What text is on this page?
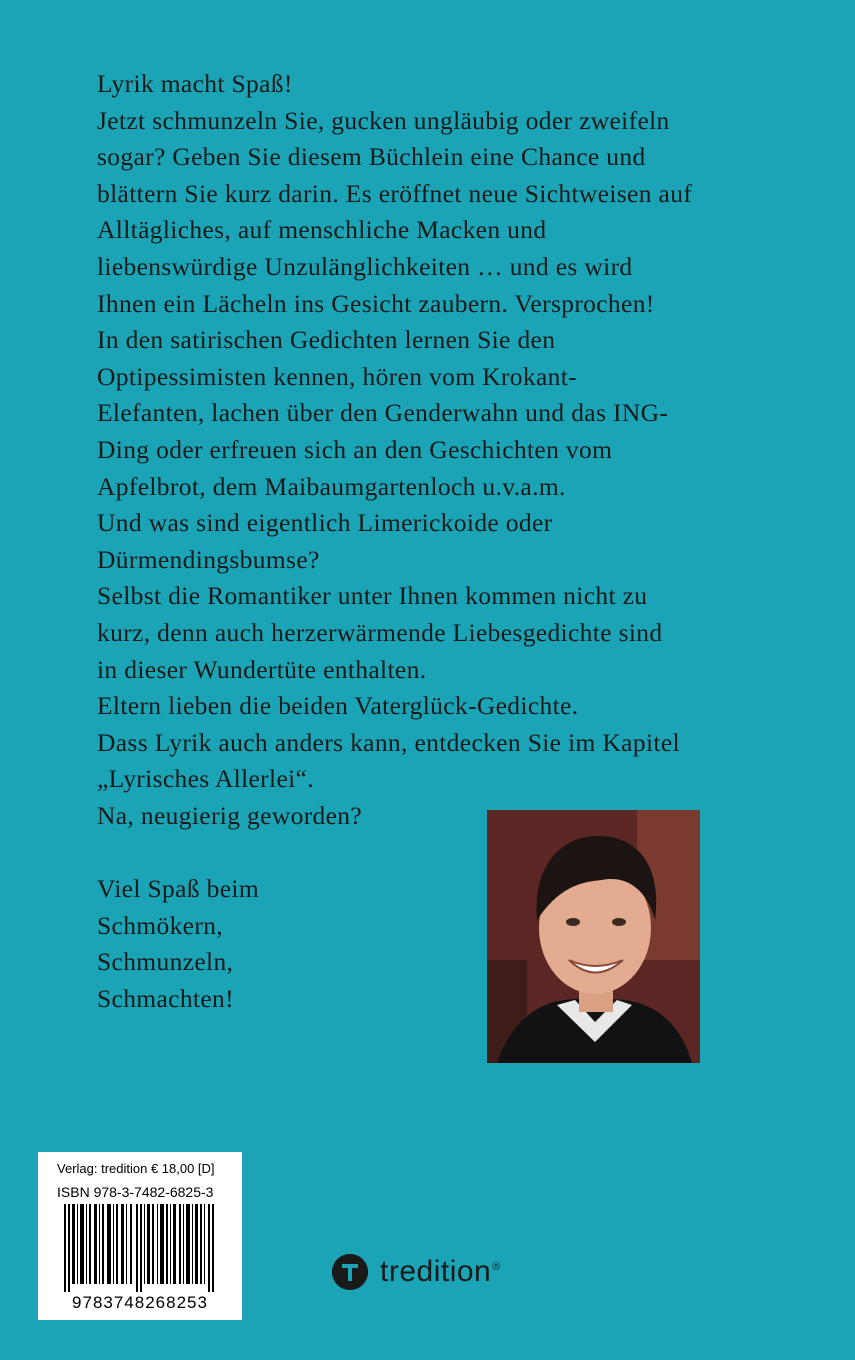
Lyrik macht Spaß!
Jetzt schmunzeln Sie, gucken ungläubig oder zweifeln
sogar? Geben Sie diesem Büchlein eine Chance und
blättern Sie kurz darin. Es eröffnet neue Sichtweisen auf
Alltägliches, auf menschliche Macken und
liebenswürdige Unzulänglichkeiten … und es wird
Ihnen ein Lächeln ins Gesicht zaubern. Versprochen!
In den satirischen Gedichten lernen Sie den
Optipessimisten kennen, hören vom Krokant-
Elefanten, lachen über den Genderwahn und das ING-
Ding oder erfreuen sich an den Geschichten vom
Apfelbrot, dem Maibaumgartenloch u.v.a.m.
Und was sind eigentlich Limerickoide oder
Dürmendingsbumse?
Selbst die Romantiker unter Ihnen kommen nicht zu
kurz, denn auch herzerwärmende Liebesgedichte sind
in dieser Wundertüte enthalten.
Eltern lieben die beiden Vaterglück-Gedichte.
Dass Lyrik auch anders kann, entdecken Sie im Kapitel
„Lyrisches Allerlei“.
Na, neugierig geworden?
Viel Spaß beim
Schmökern,
Schmunzeln,
Schmachten!
Verlag: tredition € 18,00 [D]
ISBN 978-3-7482-6825-3
9783748268253
tredition®
